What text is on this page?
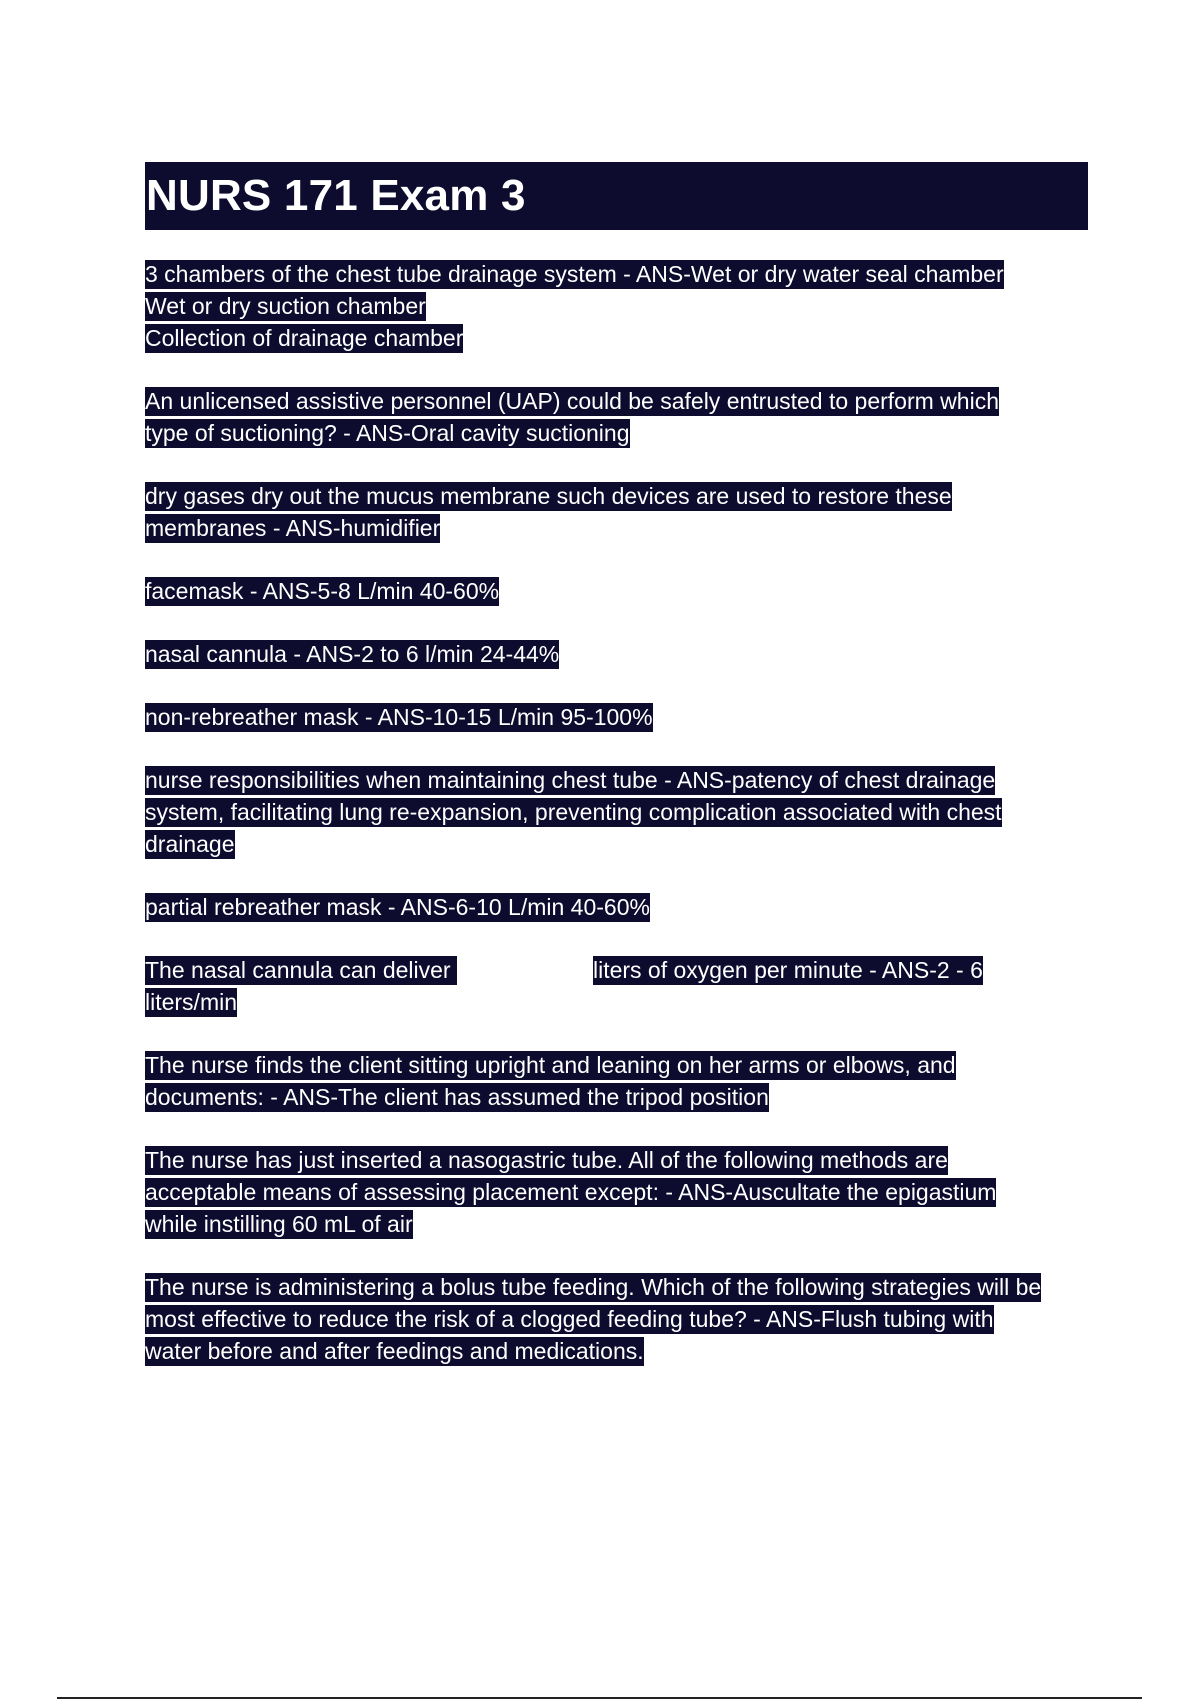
NURS 171 Exam 3

3 chambers of the chest tube drainage system - ANS-Wet or dry water seal chamber
Wet or dry suction chamber
Collection of drainage chamber

An unlicensed assistive personnel (UAP) could be safely entrusted to perform which
type of suctioning? - ANS-Oral cavity suctioning

dry gases dry out the mucus membrane such devices are used to restore these
membranes - ANS-humidifier

facemask - ANS-5-8 L/min 40-60%

nasal cannula - ANS-2 to 6 l/min 24-44%

non-rebreather mask - ANS-10-15 L/min 95-100%

nurse responsibilities when maintaining chest tube - ANS-patency of chest drainage
system, facilitating lung re-expansion, preventing complication associated with chest
drainage

partial rebreather mask - ANS-6-10 L/min 40-60%

The nasal cannula can deliver	liters of oxygen per minute - ANS-2 - 6
liters/min

The nurse finds the client sitting upright and leaning on her arms or elbows, and
documents: - ANS-The client has assumed the tripod position

The nurse has just inserted a nasogastric tube. All of the following methods are
acceptable means of assessing placement except: - ANS-Auscultate the epigastium
while instilling 60 mL of air

The nurse is administering a bolus tube feeding. Which of the following strategies will be
most effective to reduce the risk of a clogged feeding tube? - ANS-Flush tubing with
water before and after feedings and medications.
